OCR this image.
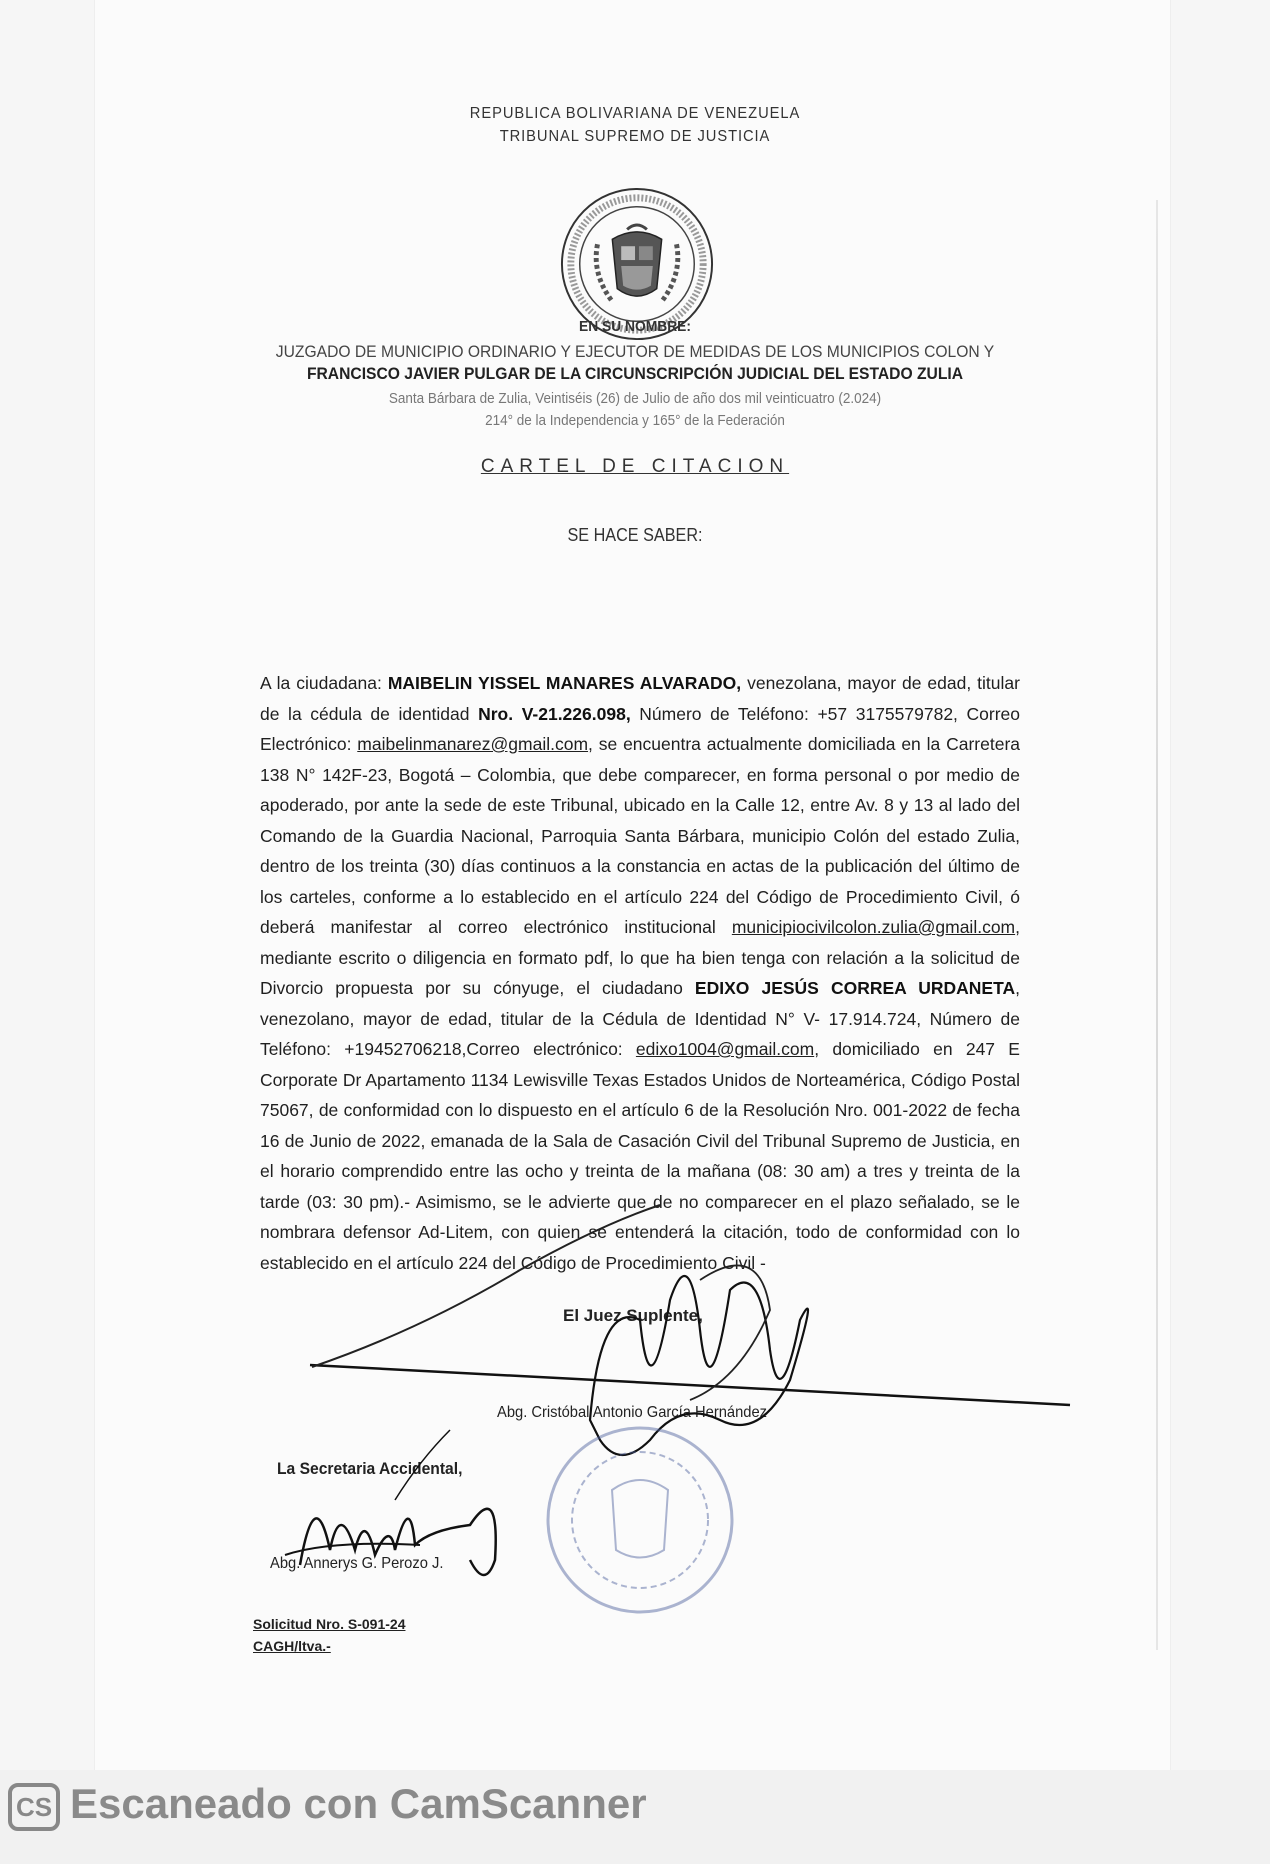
REPUBLICA BOLIVARIANA DE VENEZUELA
TRIBUNAL SUPREMO DE JUSTICIA
EN SU NOMBRE:
JUZGADO DE MUNICIPIO ORDINARIO Y EJECUTOR DE MEDIDAS DE LOS MUNICIPIOS COLON Y
FRANCISCO JAVIER PULGAR DE LA CIRCUNSCRIPCIÓN JUDICIAL DEL ESTADO ZULIA
Santa Bárbara de Zulia, Veintiséis (26) de Julio de año dos mil veinticuatro (2.024)
214° de la Independencia y 165° de la Federación
CARTEL DE CITACION
SE HACE SABER:
A la ciudadana: MAIBELIN YISSEL MANARES ALVARADO, venezolana, mayor de edad, titular de la cédula de identidad Nro. V-21.226.098, Número de Teléfono: +57 3175579782, Correo Electrónico: maibelinmanarez@gmail.com, se encuentra actualmente domiciliada en la Carretera 138 N° 142F-23, Bogotá – Colombia, que debe comparecer, en forma personal o por medio de apoderado, por ante la sede de este Tribunal, ubicado en la Calle 12, entre Av. 8 y 13 al lado del Comando de la Guardia Nacional, Parroquia Santa Bárbara, municipio Colón del estado Zulia, dentro de los treinta (30) días continuos a la constancia en actas de la publicación del último de los carteles, conforme a lo establecido en el artículo 224 del Código de Procedimiento Civil, ó deberá manifestar al correo electrónico institucional municipiocivilcolon.zulia@gmail.com, mediante escrito o diligencia en formato pdf, lo que ha bien tenga con relación a la solicitud de Divorcio propuesta por su cónyuge, el ciudadano EDIXO JESÚS CORREA URDANETA, venezolano, mayor de edad, titular de la Cédula de Identidad N° V- 17.914.724, Número de Teléfono: +19452706218,Correo electrónico: edixo1004@gmail.com, domiciliado en 247 E Corporate Dr Apartamento 1134 Lewisville Texas Estados Unidos de Norteamérica, Código Postal 75067, de conformidad con lo dispuesto en el artículo 6 de la Resolución Nro. 001-2022 de fecha 16 de Junio de 2022, emanada de la Sala de Casación Civil del Tribunal Supremo de Justicia, en el horario comprendido entre las ocho y treinta de la mañana (08: 30 am) a tres y treinta de la tarde (03: 30 pm).- Asimismo, se le advierte que de no comparecer en el plazo señalado, se le nombrara defensor Ad-Litem, con quien se entenderá la citación, todo de conformidad con lo establecido en el artículo 224 del Código de Procedimiento Civil -
El Juez Suplente,
Abg. Cristóbal Antonio García Hernández
La Secretaria Accidental,
Abg. Annerys G. Perozo J.
Solicitud Nro. S-091-24
CAGH/ltva.-
CS Escaneado con CamScanner
